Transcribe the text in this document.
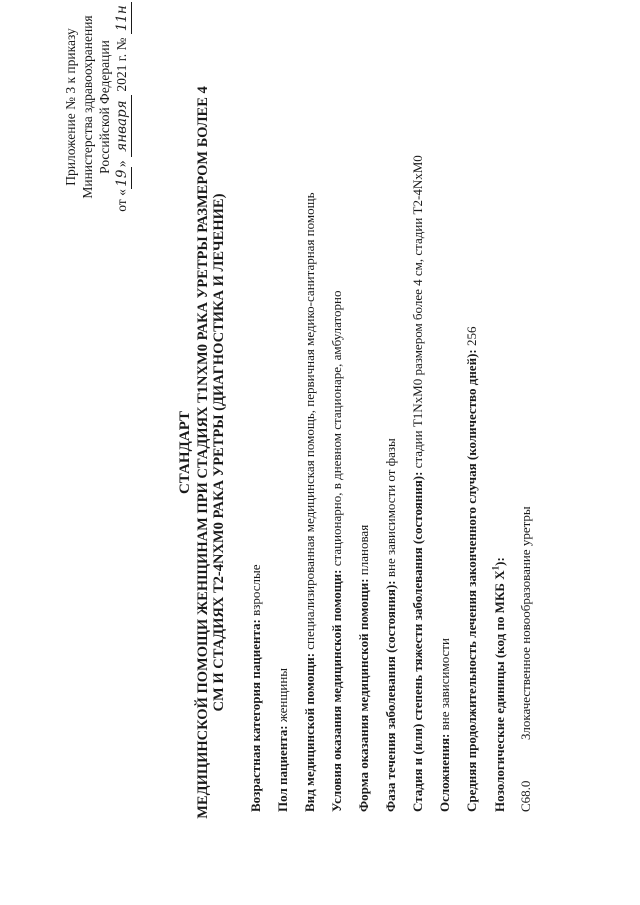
Приложение № 3 к приказу Министерства здравоохранения Российской Федерации
от «19» января 2021 г. № 11н
СТАНДАРТ МЕДИЦИНСКОЙ ПОМОЩИ ЖЕНЩИНАМ ПРИ СТАДИЯХ T1NXM0 РАКА УРЕТРЫ РАЗМЕРОМ БОЛЕЕ 4 СМ И СТАДИЯХ T2-4NXM0 РАКА УРЕТРЫ (ДИАГНОСТИКА И ЛЕЧЕНИЕ)
Возрастная категория пациента: взрослые
Пол пациента: женщины Вид медицинской помощи: специализированная медицинская помощь, первичная медико-санитарная помощь
Условия оказания медицинской помощи: стационарно, в дневном стационаре, амбулаторно
Форма оказания медицинской помощи: плановая
Фаза течения заболевания (состояния): вне зависимости от фазы Стадия и (или) степень тяжести заболевания (состояния): стадии T1NxM0 размером более 4 см, стадии T2-4NxM0
Осложнения: вне зависимости Средняя продолжительность лечения законченного случая (количество дней): 256
Нозологические единицы (код по МКБ $X^1$):
C68.0
Злокачественное новообразование уретры
